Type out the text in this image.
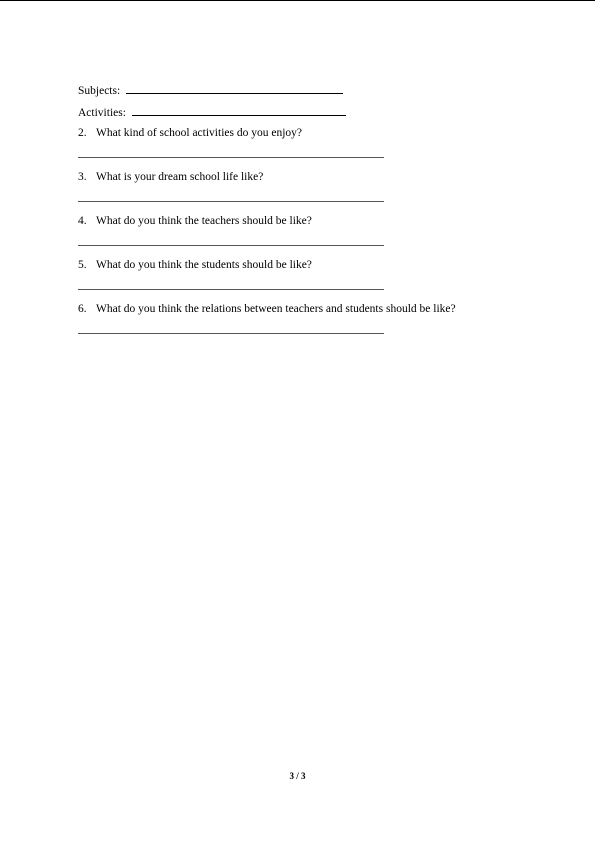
Subjects:
Activities:
2. What kind of school activities do you enjoy?
3. What is your dream school life like?
4. What do you think the teachers should be like?
5. What do you think the students should be like?
6. What do you think the relations between teachers and students should be like?
3 / 3
